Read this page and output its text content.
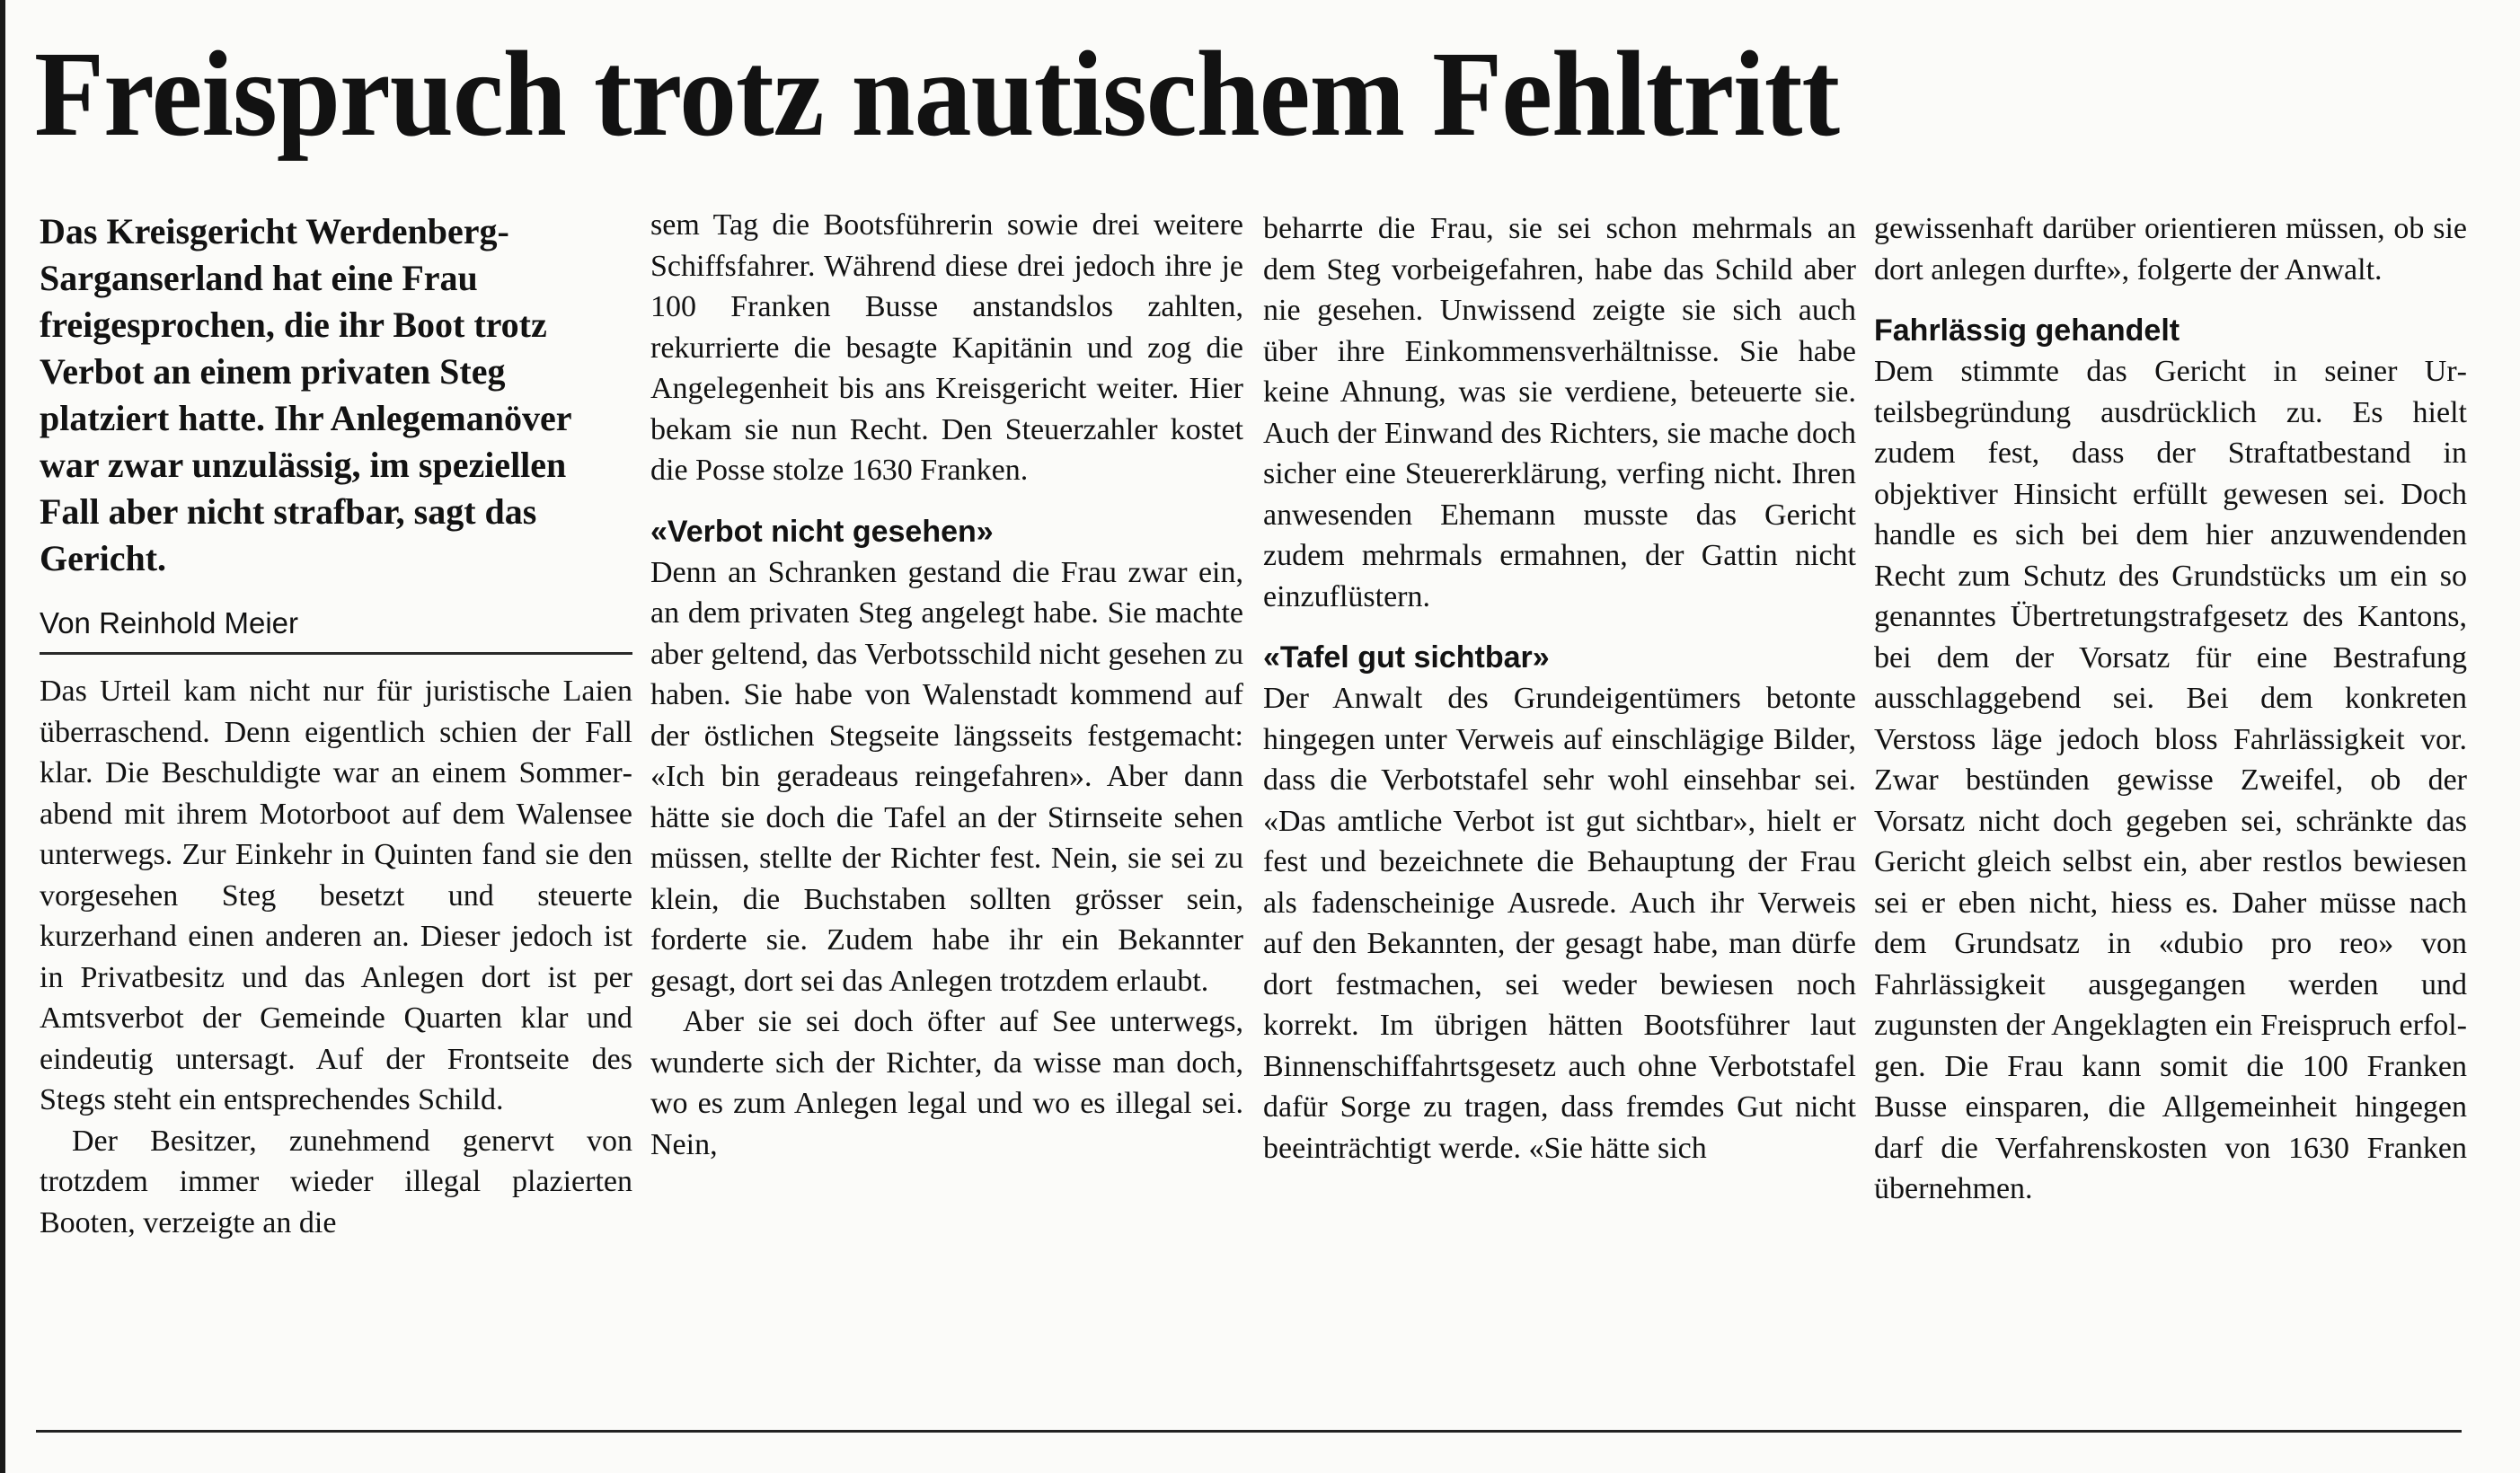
Freispruch trotz nautischem Fehltritt

Das Kreisgericht Werdenberg-Sarganserland hat eine Frau freigesprochen, die ihr Boot trotz Verbot an einem privaten Steg platziert hatte. Ihr Anlegemanöver war zwar unzulässig, im speziellen Fall aber nicht strafbar, sagt das Gericht.

Von Reinhold Meier

Das Urteil kam nicht nur für juristische Laien überraschend. Denn eigentlich schien der Fall klar. Die Beschuldigte war an einem Sommerabend mit ihrem Motorboot auf dem Walensee unterwegs. Zur Einkehr in Quinten fand sie den vorgesehen Steg besetzt und steuerte kurzerhand einen anderen an. Dieser jedoch ist in Privatbesitz und das Anlegen dort ist per Amtsverbot der Gemeinde Quarten klar und eindeutig untersagt. Auf der Frontseite des Stegs steht ein entsprechendes Schild.

Der Besitzer, zunehmend genervt von trotzdem immer wieder illegal plazierten Booten, verzeigte an die

sem Tag die Bootsführerin sowie drei weitere Schiffsfahrer. Während diese drei jedoch ihre je 100 Franken Busse anstandslos zahlten, rekurrierte die besagte Kapitänin und zog die Angelegenheit bis ans Kreisgericht weiter. Hier bekam sie nun Recht. Den Steuerzahler kostet die Posse stolze 1630 Franken.

«Verbot nicht gesehen»

Denn an Schranken gestand die Frau zwar ein, an dem privaten Steg angelegt habe. Sie machte aber geltend, das Verbotsschild nicht gesehen zu haben. Sie habe von Walenstadt kommend auf der östlichen Stegseite längsseits festgemacht: «Ich bin geradeaus reingefahren». Aber dann hätte sie doch die Tafel an der Stirnseite sehen müssen, stellte der Richter fest. Nein, sie sei zu klein, die Buchstaben sollten grösser sein, forderte sie. Zudem habe ihr ein Bekannter gesagt, dort sei das Anlegen trotzdem erlaubt.

Aber sie sei doch öfter auf See unterwegs, wunderte sich der Richter, da wisse man doch, wo es zum Anlegen legal und wo es illegal sei. Nein,

beharrte die Frau, sie sei schon mehrmals an dem Steg vorbeigefahren, habe das Schild aber nie gesehen. Unwissend zeigte sie sich auch über ihre Einkommensverhältnisse. Sie habe keine Ahnung, was sie verdiene, beteuerte sie. Auch der Einwand des Richters, sie mache doch sicher eine Steuererklärung, verfing nicht. Ihren anwesenden Ehemann musste das Gericht zudem mehrmals ermahnen, der Gattin nicht einzuflüstern.

«Tafel gut sichtbar»

Der Anwalt des Grundeigentümers betonte hingegen unter Verweis auf einschlägige Bilder, dass die Verbotstafel sehr wohl einsehbar sei. «Das amtliche Verbot ist gut sichtbar», hielt er fest und bezeichnete die Behauptung der Frau als fadenscheinige Ausrede. Auch ihr Verweis auf den Bekannten, der gesagt habe, man dürfe dort festmachen, sei weder bewiesen noch korrekt. Im übrigen hätten Bootsführer laut Binnenschiffahrtsgesetz auch ohne Verbotstafel dafür Sorge zu tragen, dass fremdes Gut nicht beeinträchtigt werde. «Sie hätte sich

gewissenhaft darüber orientieren müssen, ob sie dort anlegen durfte», folgerte der Anwalt.

Fahrlässig gehandelt

Dem stimmte das Gericht in seiner Urteilsbegründung ausdrücklich zu. Es hielt zudem fest, dass der Straftatbestand in objektiver Hinsicht erfüllt gewesen sei. Doch handle es sich bei dem hier anzuwendenden Recht zum Schutz des Grundstücks um ein so genanntes Übertretungstrafgesetz des Kantons, bei dem der Vorsatz für eine Bestrafung ausschlaggebend sei. Bei dem konkreten Verstoss läge jedoch bloss Fahrlässigkeit vor. Zwar bestünden gewisse Zweifel, ob der Vorsatz nicht doch gegeben sei, schränkte das Gericht gleich selbst ein, aber restlos bewiesen sei er eben nicht, hiess es. Daher müsse nach dem Grundsatz in «dubio pro reo» von Fahrlässigkeit ausgegangen werden und zugunsten der Angeklagten ein Freispruch erfolgen. Die Frau kann somit die 100 Franken Busse einsparen, die Allgemeinheit hingegen darf die Verfahrenskosten von 1630 Franken übernehmen.
